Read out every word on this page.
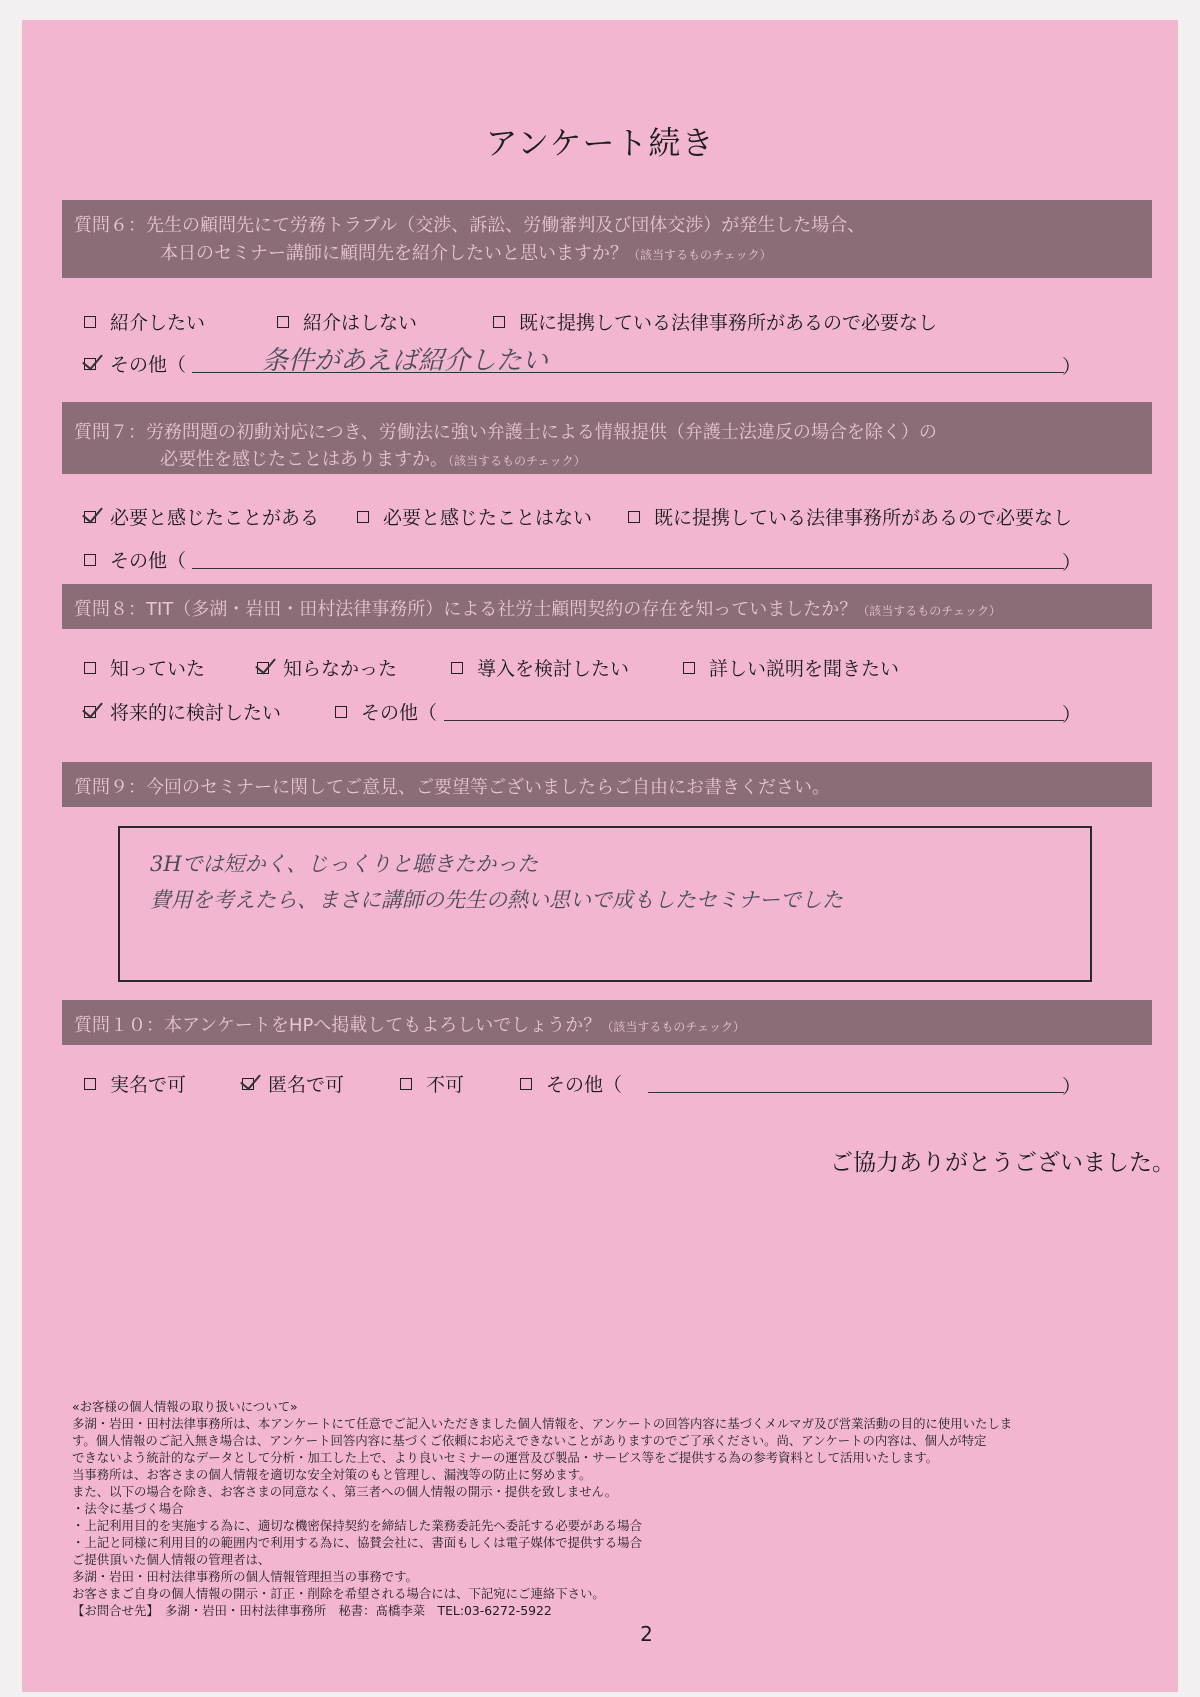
アンケート続き
質問６：先生の顧問先にて労務トラブル（交渉、訴訟、労働審判及び団体交渉）が発生した場合、
本日のセミナー講師に顧問先を紹介したいと思いますか？（該当するものチェック）
紹介したい	紹介はしない	既に提携している法律事務所があるので必要なし
その他（	）
条件があえば紹介したい
質問７：労務問題の初動対応につき、労働法に強い弁護士による情報提供（弁護士法違反の場合を除く）の
必要性を感じたことはありますか。（該当するものチェック）
必要と感じたことがある	必要と感じたことはない	既に提携している法律事務所があるので必要なし
その他（	）
質問８：TIT（多湖・岩田・田村法律事務所）による社労士顧問契約の存在を知っていましたか？（該当するものチェック）
知っていた	知らなかった	導入を検討したい	詳しい説明を聞きたい
将来的に検討したい	その他（	）
質問９：今回のセミナーに関してご意見、ご要望等ございましたらご自由にお書きください。
3Hでは短かく、じっくりと聴きたかった
費用を考えたら、まさに講師の先生の熱い思いで成もしたセミナーでした
質問１０：本アンケートをHPへ掲載してもよろしいでしょうか？（該当するものチェック）
実名で可	匿名で可	不可	その他（	）
ご協力ありがとうございました。
«お客様の個人情報の取り扱いについて»
多湖・岩田・田村法律事務所は、本アンケートにて任意でご記入いただきました個人情報を、アンケートの回答内容に基づくメルマガ及び営業活動の目的に使用いたしま
す。個人情報のご記入無き場合は、アンケート回答内容に基づくご依頼にお応えできないことがありますのでご了承ください。尚、アンケートの内容は、個人が特定
できないよう統計的なデータとして分析・加工した上で、より良いセミナーの運営及び製品・サービス等をご提供する為の参考資料として活用いたします。
当事務所は、お客さまの個人情報を適切な安全対策のもと管理し、漏洩等の防止に努めます。
また、以下の場合を除き、お客さまの同意なく、第三者への個人情報の開示・提供を致しません。
・法令に基づく場合
・上記利用目的を実施する為に、適切な機密保持契約を締結した業務委託先へ委託する必要がある場合
・上記と同様に利用目的の範囲内で利用する為に、協賛会社に、書面もしくは電子媒体で提供する場合
ご提供頂いた個人情報の管理者は、
多湖・岩田・田村法律事務所の個人情報管理担当の事務です。
お客さまご自身の個人情報の開示・訂正・削除を希望される場合には、下記宛にご連絡下さい。
【お問合せ先】　多湖・岩田・田村法律事務所　秘書：髙橋李菜　TEL:03-6272-5922
2
